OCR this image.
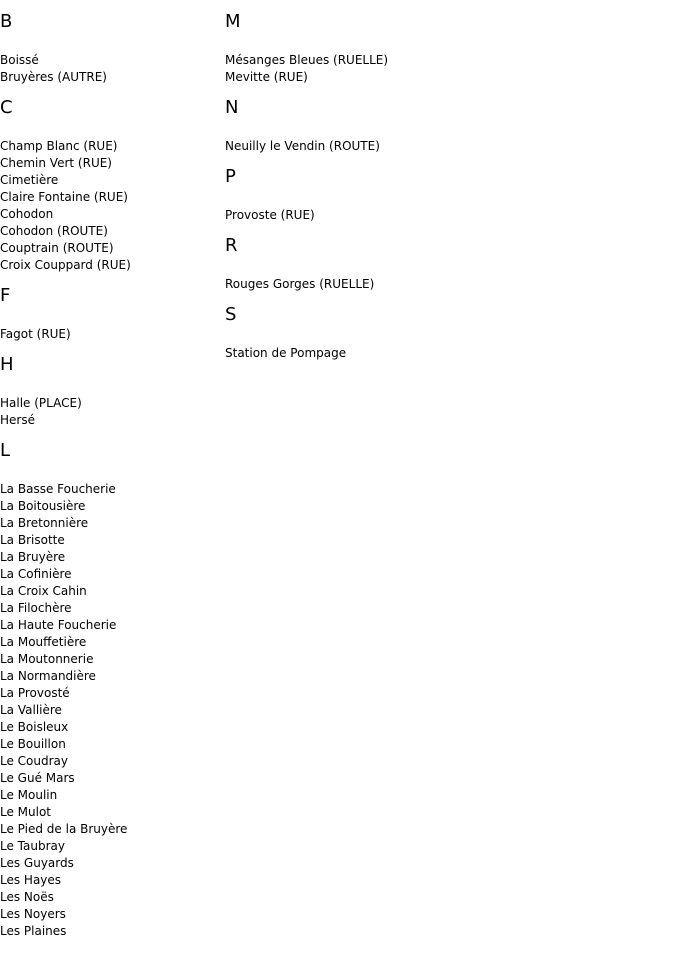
B
Boissé
Bruyères (AUTRE)
C
Champ Blanc (RUE)
Chemin Vert (RUE)
Cimetière
Claire Fontaine (RUE)
Cohodon
Cohodon (ROUTE)
Couptrain (ROUTE)
Croix Couppard (RUE)
F
Fagot (RUE)
H
Halle (PLACE)
Hersé
L
La Basse Foucherie
La Boitousière
La Bretonnière
La Brisotte
La Bruyère
La Cofinière
La Croix Cahin
La Filochère
La Haute Foucherie
La Mouffetière
La Moutonnerie
La Normandière
La Provosté
La Vallière
Le Boisleux
Le Bouillon
Le Coudray
Le Gué Mars
Le Moulin
Le Mulot
Le Pied de la Bruyère
Le Taubray
Les Guyards
Les Hayes
Les Noës
Les Noyers
Les Plaines
M
Mésanges Bleues (RUELLE)
Mevitte (RUE)
N
Neuilly le Vendin (ROUTE)
P
Provoste (RUE)
R
Rouges Gorges (RUELLE)
S
Station de Pompage
